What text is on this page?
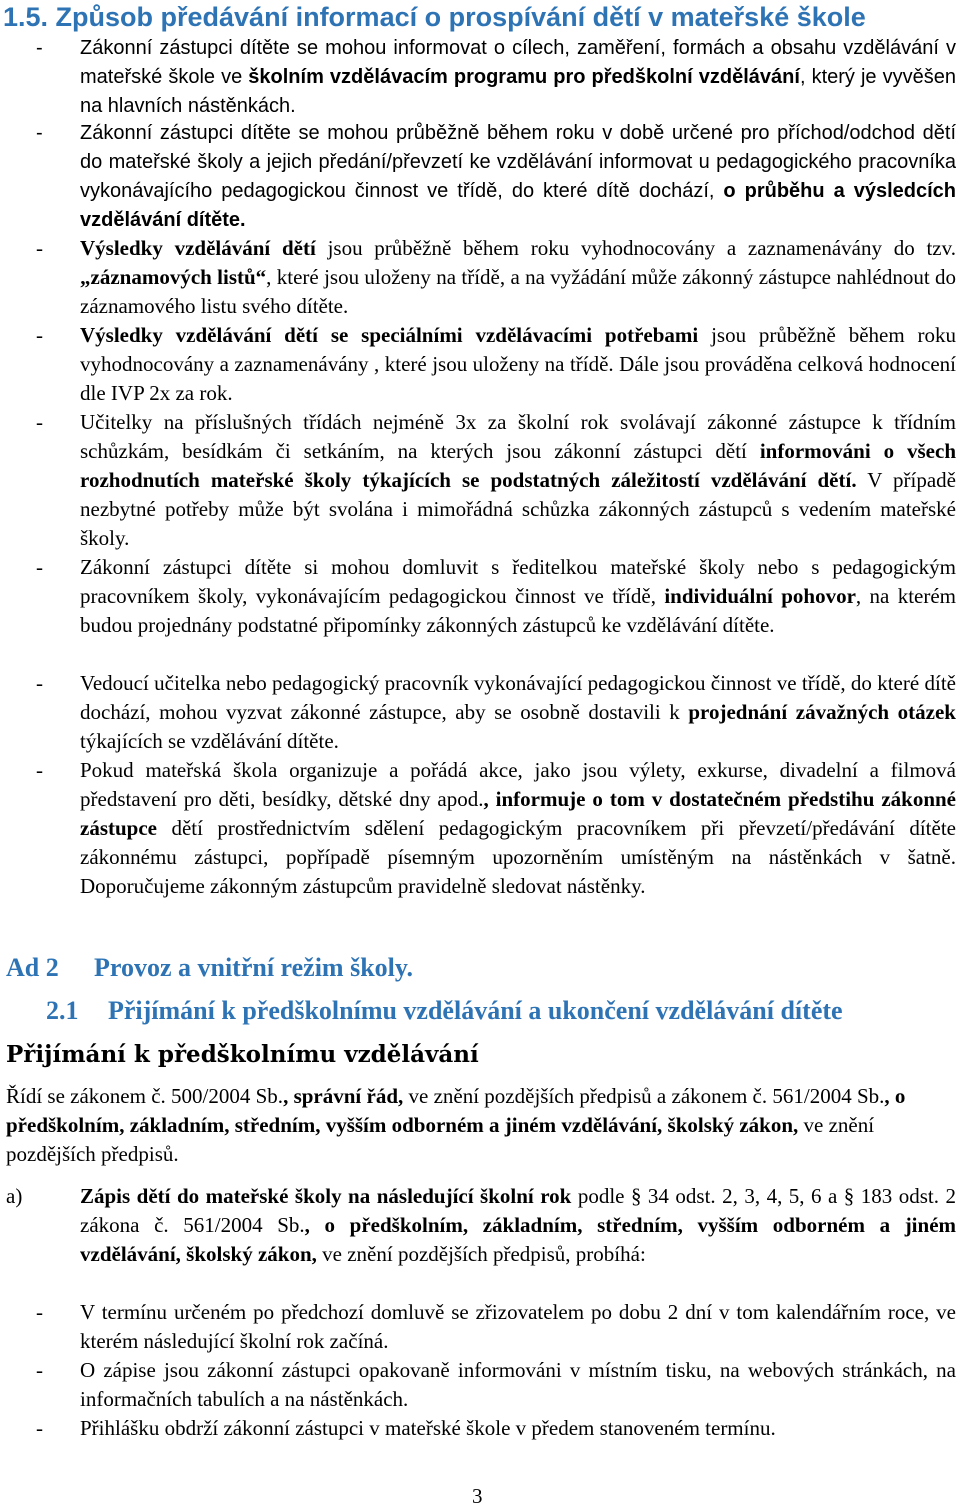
1.5. Způsob předávání informací o prospívání dětí v mateřské škole
- Zákonní zástupci dítěte se mohou informovat o cílech, zaměření, formách a obsahu vzdělávání v mateřské škole ve školním vzdělávacím programu pro předškolní vzdělávání, který je vyvěšen na hlavních nástěnkách.
- Zákonní zástupci dítěte se mohou průběžně během roku v době určené pro příchod/odchod dětí do mateřské školy a jejich předání/převzetí ke vzdělávání informovat u pedagogického pracovníka vykonávajícího pedagogickou činnost ve třídě, do které dítě dochází, o průběhu a výsledcích vzdělávání dítěte.
- Výsledky vzdělávání dětí jsou průběžně během roku vyhodnocovány a zaznamenávány do tzv. „záznamových listů“, které jsou uloženy na třídě, a na vyžádání může zákonný zástupce nahlédnout do záznamového listu svého dítěte.
- Výsledky vzdělávání dětí se speciálními vzdělávacími potřebami jsou průběžně během roku vyhodnocovány a zaznamenávány , které jsou uloženy na třídě. Dále jsou prováděna celková hodnocení dle IVP 2x za rok.
- Učitelky na příslušných třídách nejméně 3x za školní rok svolávají zákonné zástupce k třídním schůzkám, besídkám či setkáním, na kterých jsou zákonní zástupci dětí informováni o všech rozhodnutích mateřské školy týkajících se podstatných záležitostí vzdělávání dětí. V případě nezbytné potřeby může být svolána i mimořádná schůzka zákonných zástupců s vedením mateřské školy.
- Zákonní zástupci dítěte si mohou domluvit s ředitelkou mateřské školy nebo s pedagogickým pracovníkem školy, vykonávajícím pedagogickou činnost ve třídě, individuální pohovor, na kterém budou projednány podstatné připomínky zákonných zástupců ke vzdělávání dítěte.
- Vedoucí učitelka nebo pedagogický pracovník vykonávající pedagogickou činnost ve třídě, do které dítě dochází, mohou vyzvat zákonné zástupce, aby se osobně dostavili k projednání závažných otázek týkajících se vzdělávání dítěte.
- Pokud mateřská škola organizuje a pořádá akce, jako jsou výlety, exkurse, divadelní a filmová představení pro děti, besídky, dětské dny apod., informuje o tom v dostatečném předstihu zákonné zástupce dětí prostřednictvím sdělení pedagogickým pracovníkem při převzetí/předávání dítěte zákonnému zástupci, popřípadě písemným upozorněním umístěným na nástěnkách v šatně. Doporučujeme zákonným zástupcům pravidelně sledovat nástěnky.
Ad 2 Provoz a vnitřní režim školy.
2.1 Přijímání k předškolnímu vzdělávání a ukončení vzdělávání dítěte
Přijímání k předškolnímu vzdělávání
Řídí se zákonem č. 500/2004 Sb., správní řád, ve znění pozdějších předpisů a zákonem č. 561/2004 Sb., o předškolním, základním, středním, vyšším odborném a jiném vzdělávání, školský zákon, ve znění pozdějších předpisů.
a)	Zápis dětí do mateřské školy na následující školní rok podle § 34 odst. 2, 3, 4, 5, 6 a § 183 odst. 2 zákona č. 561/2004 Sb., o předškolním, základním, středním, vyšším odborném a jiném vzdělávání, školský zákon, ve znění pozdějších předpisů, probíhá:
- V termínu určeném po předchozí domluvě se zřizovatelem po dobu 2 dní v tom kalendářním roce, ve kterém následující školní rok začíná.
- O zápise jsou zákonní zástupci opakovaně informováni v místním tisku, na webových stránkách, na informačních tabulích a na nástěnkách.
- Přihlášku obdrží zákonní zástupci v mateřské škole v předem stanoveném termínu.
3
